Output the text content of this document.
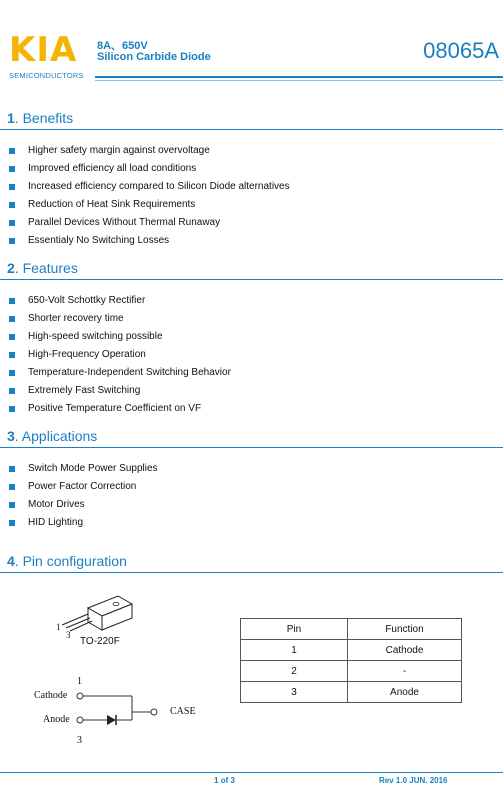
KIA
SEMICONDUCTORS
8A、650V
Silicon Carbide Diode	08065A
1. Benefits
Higher safety margin against overvoltage
Improved efficiency all load conditions
Increased efficiency compared to Silicon Diode alternatives
Reduction of Heat Sink Requirements
Parallel Devices Without Thermal Runaway
Essentialy No Switching Losses
2. Features
650-Volt Schottky Rectifier
Shorter recovery time
High-speed switching possible
High-Frequency Operation
Temperature-Independent Switching Behavior
Extremely Fast Switching
Positive Temperature Coefficient on VF
3. Applications
Switch Mode Power Supplies
Power Factor Correction
Motor Drives
HID Lighting
4. Pin configuration
1
3
TO-220F
1
Cathode
Anode
CASE
3
Pin	Function
1	Cathode
2	-
3	Anode
1 of 3	Rev 1.0 JUN. 2016
